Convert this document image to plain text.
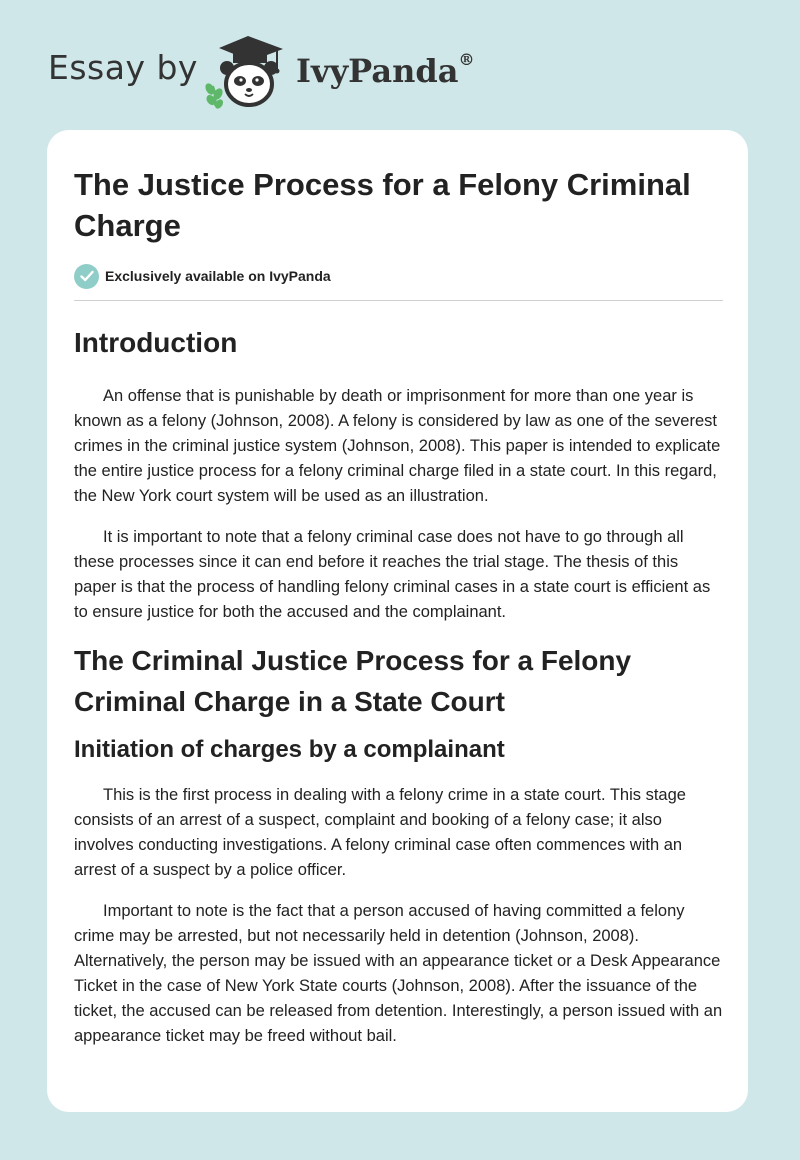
Essay by	IvyPanda®
The Justice Process for a Felony Criminal Charge
Exclusively available on IvyPanda
Introduction

An offense that is punishable by death or imprisonment for more than one year is known as a felony (Johnson, 2008). A felony is considered by law as one of the severest crimes in the criminal justice system (Johnson, 2008). This paper is intended to explicate the entire justice process for a felony criminal charge filed in a state court. In this regard, the New York court system will be used as an illustration.

It is important to note that a felony criminal case does not have to go through all these processes since it can end before it reaches the trial stage. The thesis of this paper is that the process of handling felony criminal cases in a state court is efficient as to ensure justice for both the accused and the complainant.

The Criminal Justice Process for a Felony Criminal Charge in a State Court
Initiation of charges by a complainant

This is the first process in dealing with a felony crime in a state court. This stage consists of an arrest of a suspect, complaint and booking of a felony case; it also involves conducting investigations. A felony criminal case often commences with an arrest of a suspect by a police officer.

Important to note is the fact that a person accused of having committed a felony crime may be arrested, but not necessarily held in detention (Johnson, 2008). Alternatively, the person may be issued with an appearance ticket or a Desk Appearance Ticket in the case of New York State courts (Johnson, 2008). After the issuance of the ticket, the accused can be released from detention. Interestingly, a person issued with an appearance ticket may be freed without bail.
